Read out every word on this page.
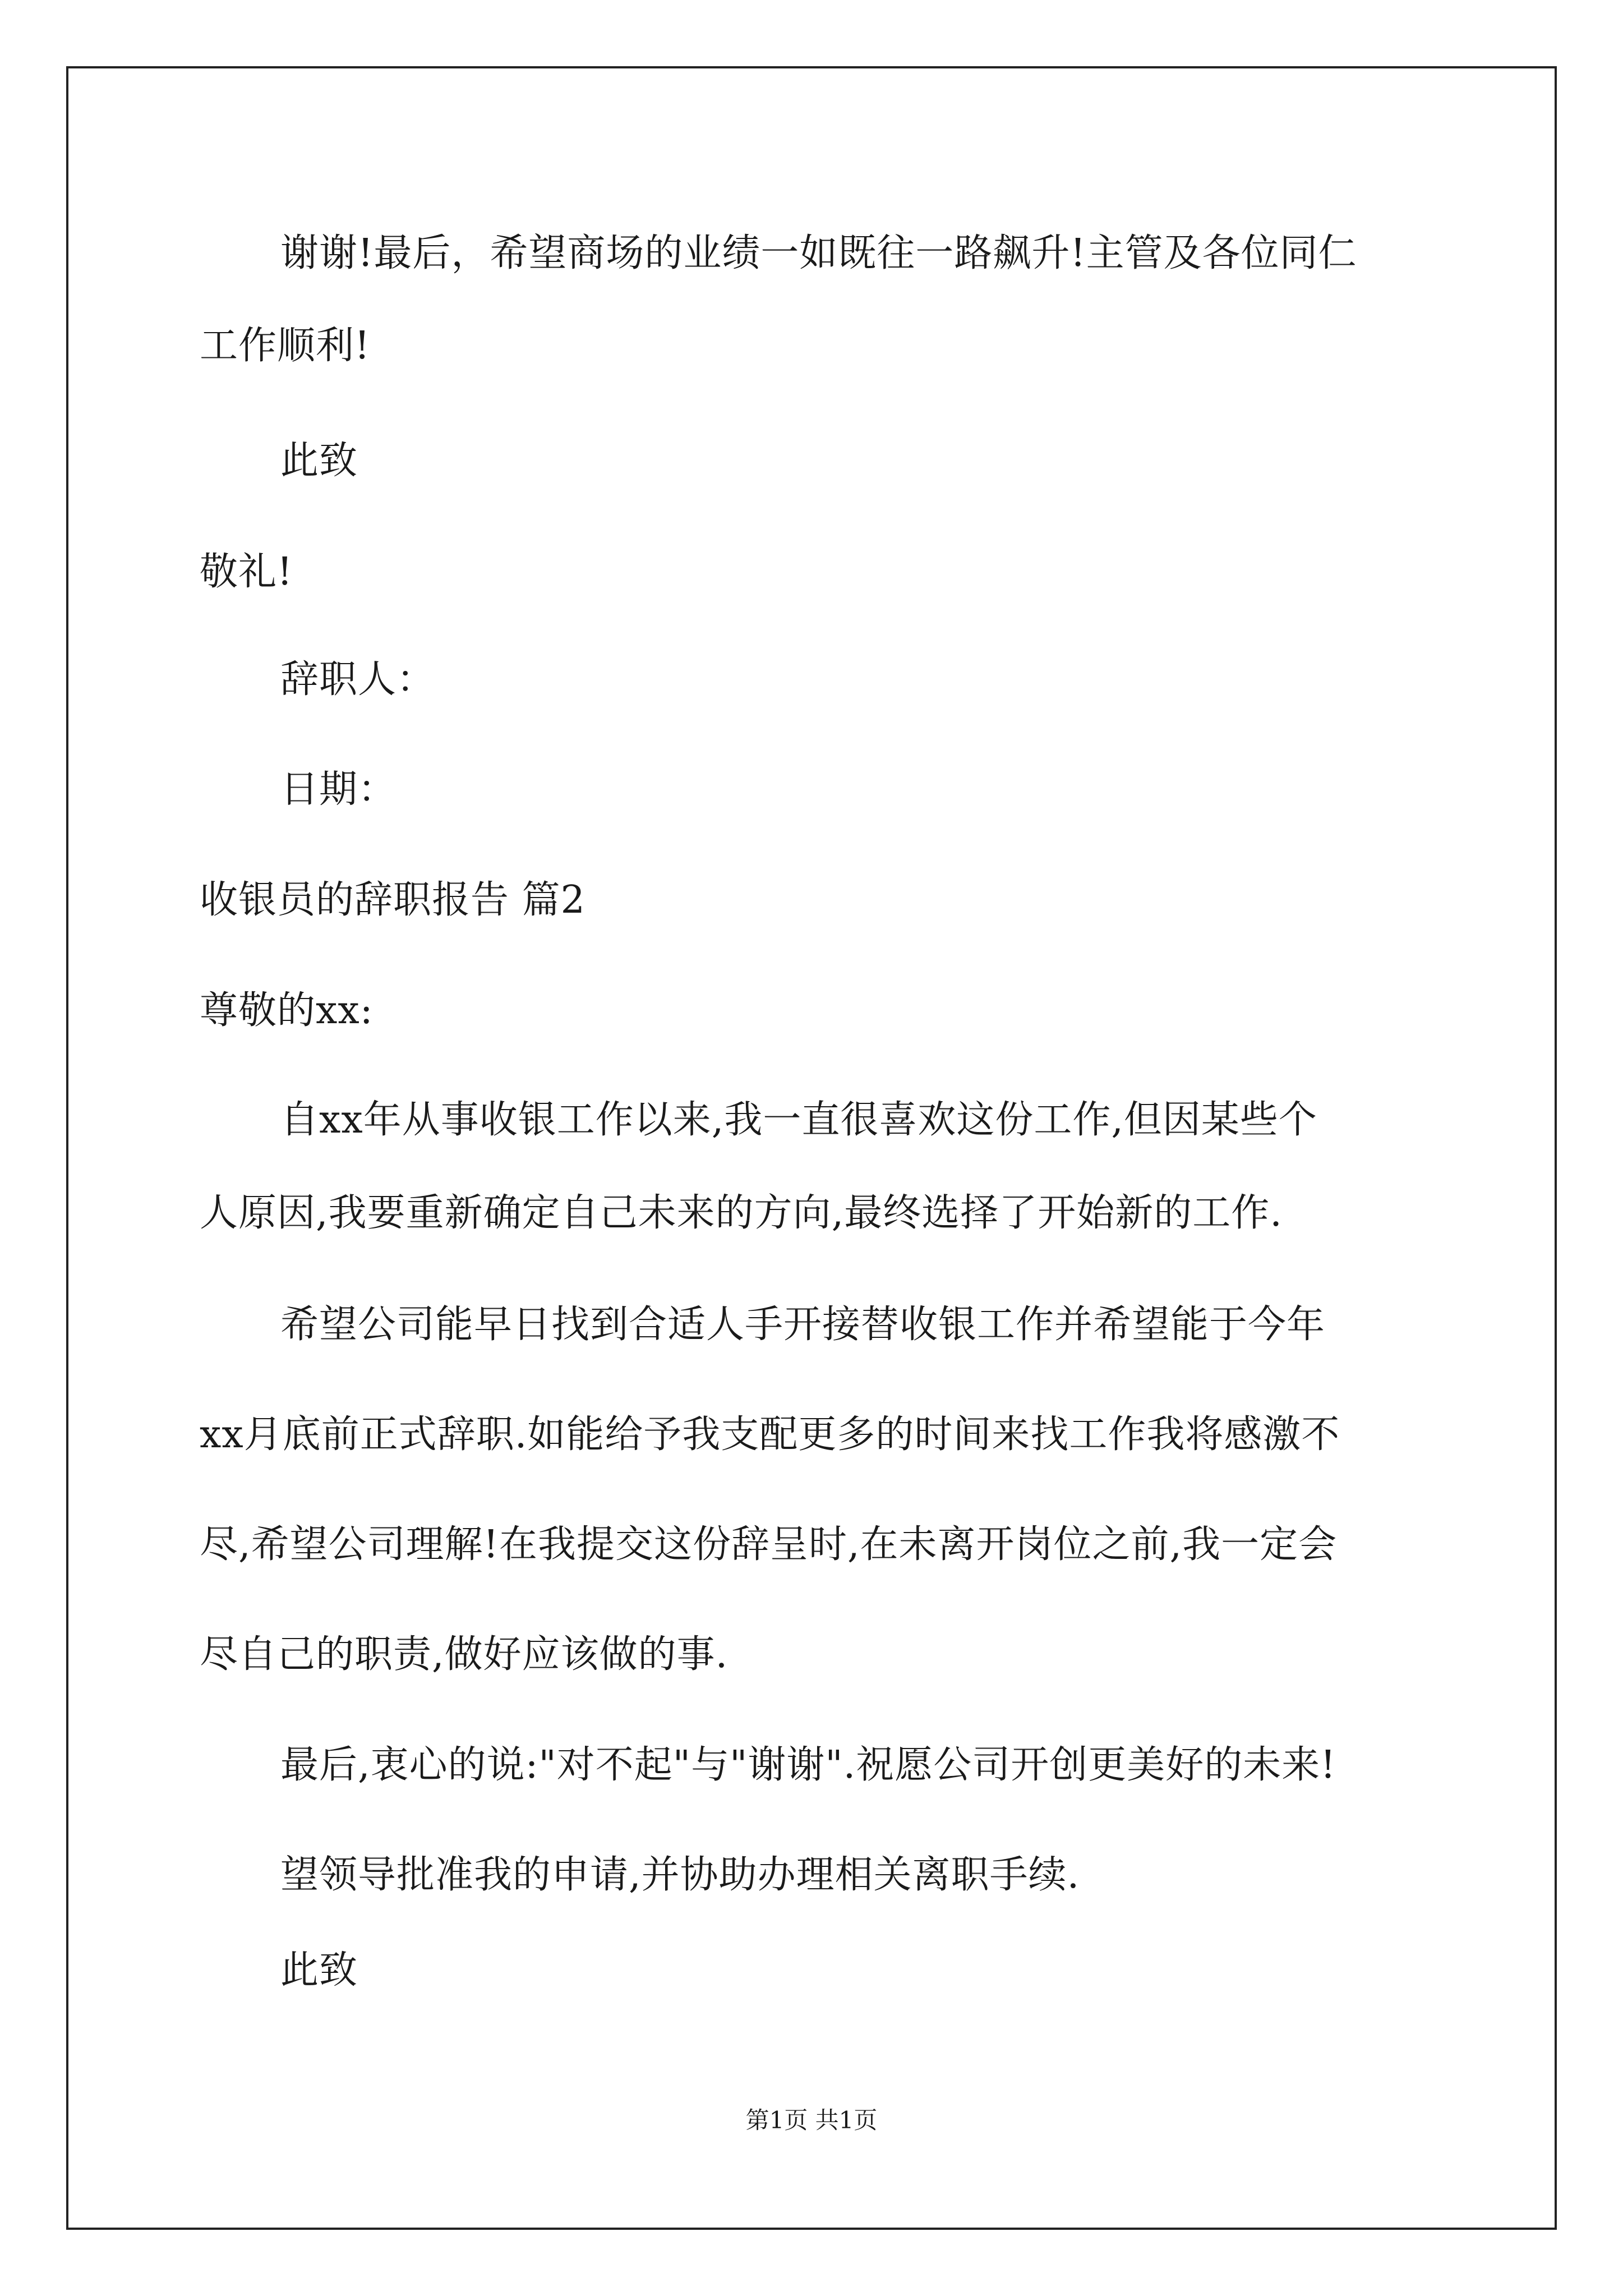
谢谢!最后，希望商场的业绩一如既往一路飙升!主管及各位同仁
工作顺利!
此致
敬礼!
辞职人：
日期：
收银员的辞职报告 篇2
尊敬的xx:
自xx年从事收银工作以来,我一直很喜欢这份工作,但因某些个
人原因,我要重新确定自己未来的方向,最终选择了开始新的工作.
希望公司能早日找到合适人手开接替收银工作并希望能于今年
xx月底前正式辞职.如能给予我支配更多的时间来找工作我将感激不
尽,希望公司理解!在我提交这份辞呈时,在未离开岗位之前,我一定会
尽自己的职责,做好应该做的事.
最后,衷心的说:"对不起"与"谢谢".祝愿公司开创更美好的未来!
望领导批准我的申请,并协助办理相关离职手续.
此致
第1页 共1页
